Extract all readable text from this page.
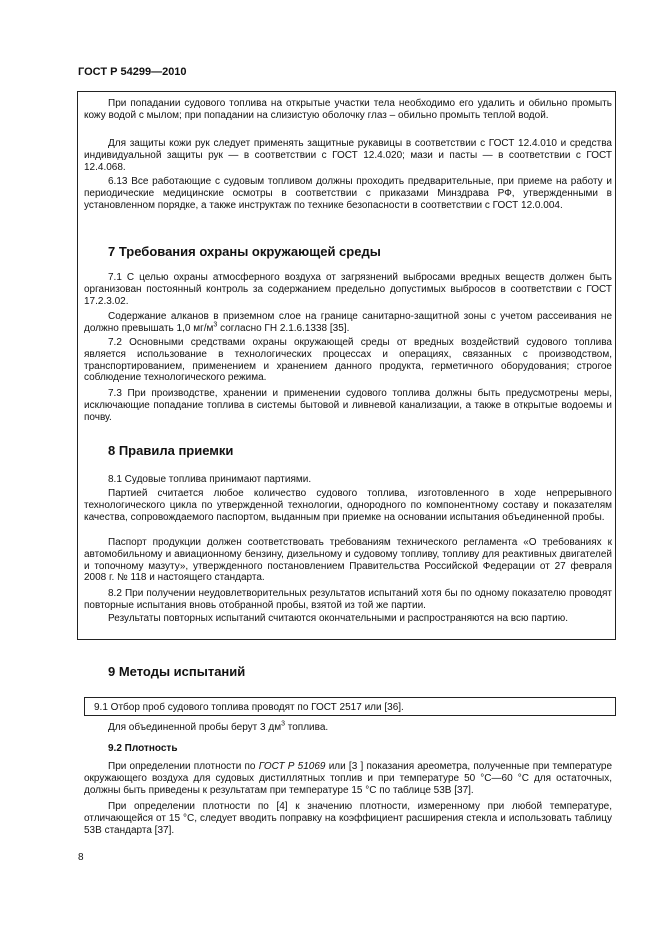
ГОСТ Р 54299—2010

При попадании судового топлива на открытые участки тела необходимо его удалить и обильно промыть кожу водой с мылом; при попадании на слизистую оболочку глаз – обильно промыть теплой водой.

Для защиты кожи рук следует применять защитные рукавицы в соответствии с ГОСТ 12.4.010 и средства индивидуальной защиты рук — в соответствии с ГОСТ 12.4.020; мази и пасты — в соответствии с ГОСТ 12.4.068.

6.13 Все работающие с судовым топливом должны проходить предварительные, при приеме на работу и периодические медицинские осмотры в соответствии с приказами Минздрава РФ, утвержденными в установленном порядке, а также инструктаж по технике безопасности в соответствии с ГОСТ 12.0.004.

7 Требования охраны окружающей среды

7.1 С целью охраны атмосферного воздуха от загрязнений выбросами вредных веществ должен быть организован постоянный контроль за содержанием предельно допустимых выбросов в соответствии с ГОСТ 17.2.3.02.

Содержание алканов в приземном слое на границе санитарно-защитной зоны с учетом рассеивания не должно превышать 1,0 $мг/м^3$ согласно ГН 2.1.6.1338 [35].

7.2 Основными средствами охраны окружающей среды от вредных воздействий судового топлива является использование в технологических процессах и операциях, связанных с производством, транспортированием, применением и хранением данного продукта, герметичного оборудования; строгое соблюдение технологического режима.

7.3 При производстве, хранении и применении судового топлива должны быть предусмотрены меры, исключающие попадание топлива в системы бытовой и ливневой канализации, а также в открытые водоемы и почву.

8 Правила приемки

8.1 Судовые топлива принимают партиями.

Партией считается любое количество судового топлива, изготовленного в ходе непрерывного технологического цикла по утвержденной технологии, однородного по компонентному составу и показателям качества, сопровождаемого паспортом, выданным при приемке на основании испытания объединенной пробы.

Паспорт продукции должен соответствовать требованиям технического регламента «О требованиях к автомобильному и авиационному бензину, дизельному и судовому топливу, топливу для реактивных двигателей и топочному мазуту», утвержденного постановлением Правительства Российской Федерации от 27 февраля 2008 г. № 118 и настоящего стандарта.

8.2 При получении неудовлетворительных результатов испытаний хотя бы по одному показателю проводят повторные испытания вновь отобранной пробы, взятой из той же партии.

Результаты повторных испытаний считаются окончательными и распространяются на всю партию.

9 Методы испытаний

9.1 Отбор проб судового топлива проводят по ГОСТ 2517 или [36].

Для объединенной пробы берут 3 $дм^3$ топлива.

9.2 Плотность

При определении плотности по ГОСТ Р 51069 или [3 ] показания ареометра, полученные при температуре окружающего воздуха для судовых дистиллятных топлив и при температуре 50 °С—60 °С для остаточных, должны быть приведены к результатам при температуре 15 °С по таблице 53В [37].

При определении плотности по [4] к значению плотности, измеренному при любой температуре, отличающейся от 15 °С, следует вводить поправку на коэффициент расширения стекла и использовать таблицу 53В стандарта [37].

8
